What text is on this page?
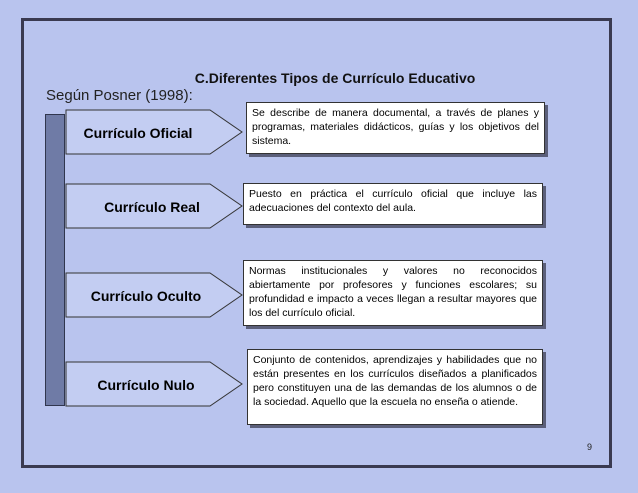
C.Diferentes Tipos de Currículo Educativo
Según Posner (1998):
Currículo Oficial
Se describe de manera documental, a través de planes y programas, materiales didácticos, guías y los objetivos del sistema.
Currículo Real
Puesto en práctica el currículo oficial que incluye las adecuaciones del contexto del aula.
Currículo Oculto
Normas institucionales y valores no reconocidos abiertamente por profesores y funciones escolares; su profundidad e impacto a veces llegan a resultar mayores que los del currículo oficial.
Currículo Nulo
Conjunto de contenidos, aprendizajes y habilidades que no están presentes en los currículos diseñados a planificados pero constituyen una de las demandas de los alumnos o de la sociedad. Aquello que la escuela no enseña o atiende.
9
